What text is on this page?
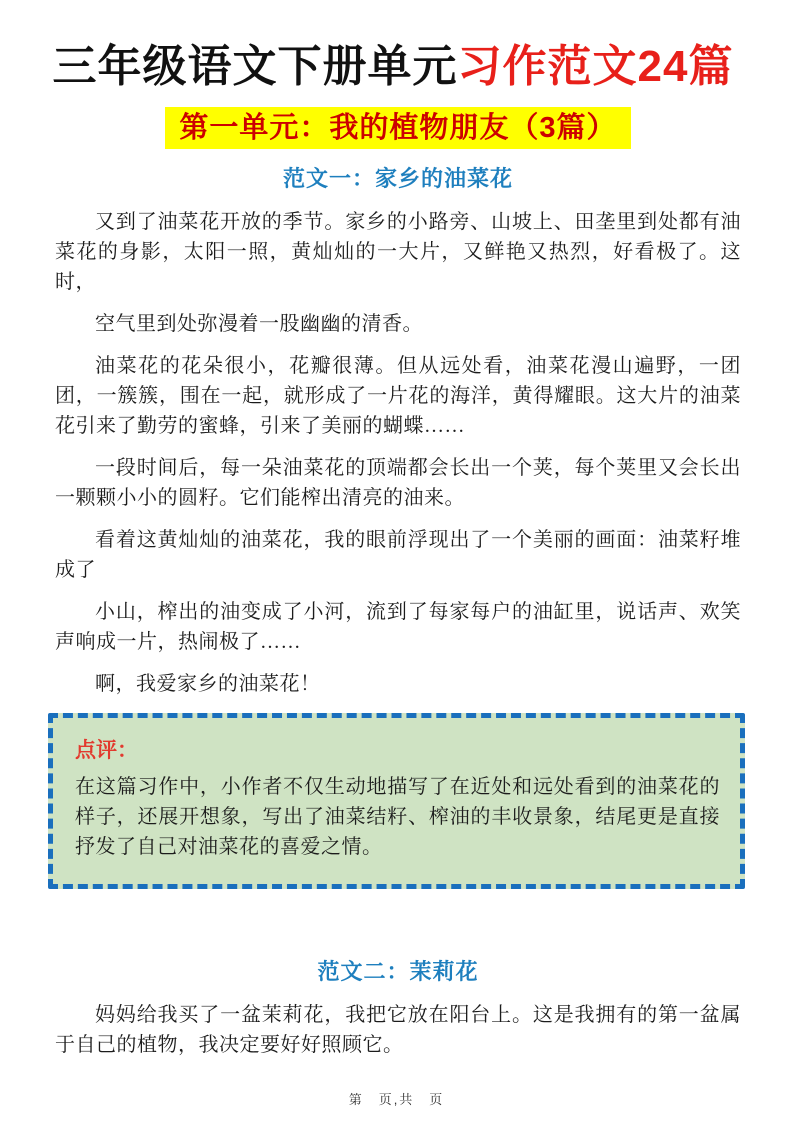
三年级语文下册单元习作范文24篇
第一单元：我的植物朋友（3篇）
范文一：家乡的油菜花

又到了油菜花开放的季节。家乡的小路旁、山坡上、田垄里到处都有油菜花的身影，太阳一照，黄灿灿的一大片，又鲜艳又热烈，好看极了。这时，

空气里到处弥漫着一股幽幽的清香。

油菜花的花朵很小，花瓣很薄。但从远处看，油菜花漫山遍野，一团团，一簇簇，围在一起，就形成了一片花的海洋，黄得耀眼。这大片的油菜花引来了勤劳的蜜蜂，引来了美丽的蝴蝶……

一段时间后，每一朵油菜花的顶端都会长出一个荚，每个荚里又会长出一颗颗小小的圆籽。它们能榨出清亮的油来。

看着这黄灿灿的油菜花，我的眼前浮现出了一个美丽的画面：油菜籽堆成了

小山，榨出的油变成了小河，流到了每家每户的油缸里，说话声、欢笑声响成一片，热闹极了……

啊，我爱家乡的油菜花！

点评：
在这篇习作中，小作者不仅生动地描写了在近处和远处看到的油菜花的样子，还展开想象，写出了油菜结籽、榨油的丰收景象，结尾更是直接抒发了自己对油菜花的喜爱之情。
范文二：茉莉花

妈妈给我买了一盆茉莉花，我把它放在阳台上。这是我拥有的第一盆属于自己的植物，我决定要好好照顾它。

第　页,共　页
